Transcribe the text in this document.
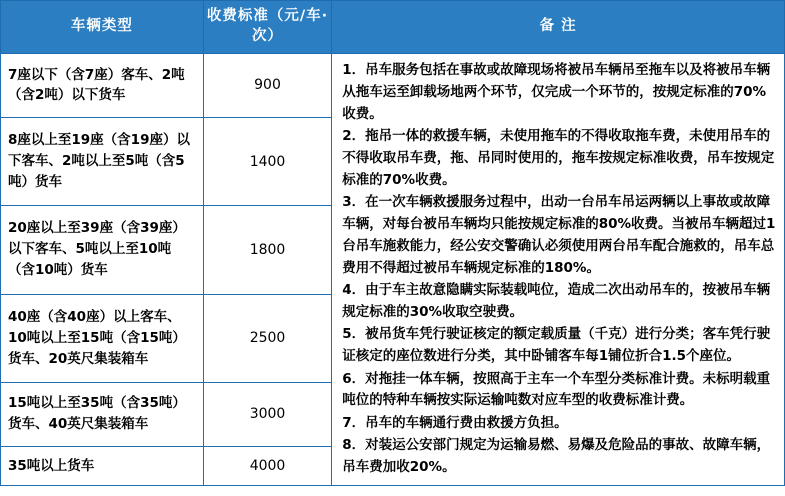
车辆类型	收费标准（元/车·次）	备 注
7座以下（含7座）客车、2吨（含2吨）以下货车	900	
1．吊车服务包括在事故或故障现场将被吊车辆吊至拖车以及将被吊车辆从拖车运至卸载场地两个环节，仅完成一个环节的，按规定标准的70%收费。
2．拖吊一体的救援车辆，未使用拖车的不得收取拖车费，未使用吊车的不得收取吊车费，拖、吊同时使用的，拖车按规定标准收费，吊车按规定标准的70%收费。
3．在一次车辆救援服务过程中，出动一台吊车吊运两辆以上事故或故障车辆，对每台被吊车辆均只能按规定标准的80%收费。当被吊车辆超过1台吊车施救能力，经公安交警确认必须使用两台吊车配合施救的，吊车总费用不得超过被吊车辆规定标准的180%。
4．由于车主故意隐瞒实际装载吨位，造成二次出动吊车的，按被吊车辆规定标准的30%收取空驶费。
5．被吊货车凭行驶证核定的额定载质量（千克）进行分类；客车凭行驶证核定的座位数进行分类，其中卧铺客车每1铺位折合1.5个座位。
6．对拖挂一体车辆，按照高于主车一个车型分类标准计费。未标明载重吨位的特种车辆按实际运输吨数对应车型的收费标准计费。
7．吊车的车辆通行费由救援方负担。
8．对装运公安部门规定为运输易燃、易爆及危险品的事故、故障车辆，吊车费加收20%。

8座以上至19座（含19座）以下客车、2吨以上至5吨（含5吨）货车	1400	
20座以上至39座（含39座）以下客车、5吨以上至10吨（含10吨）货车	1800	
40座（含40座）以上客车、10吨以上至15吨（含15吨）货车、20英尺集装箱车	2500	
15吨以上至35吨（含35吨）货车、40英尺集装箱车	3000	
35吨以上货车	4000	
